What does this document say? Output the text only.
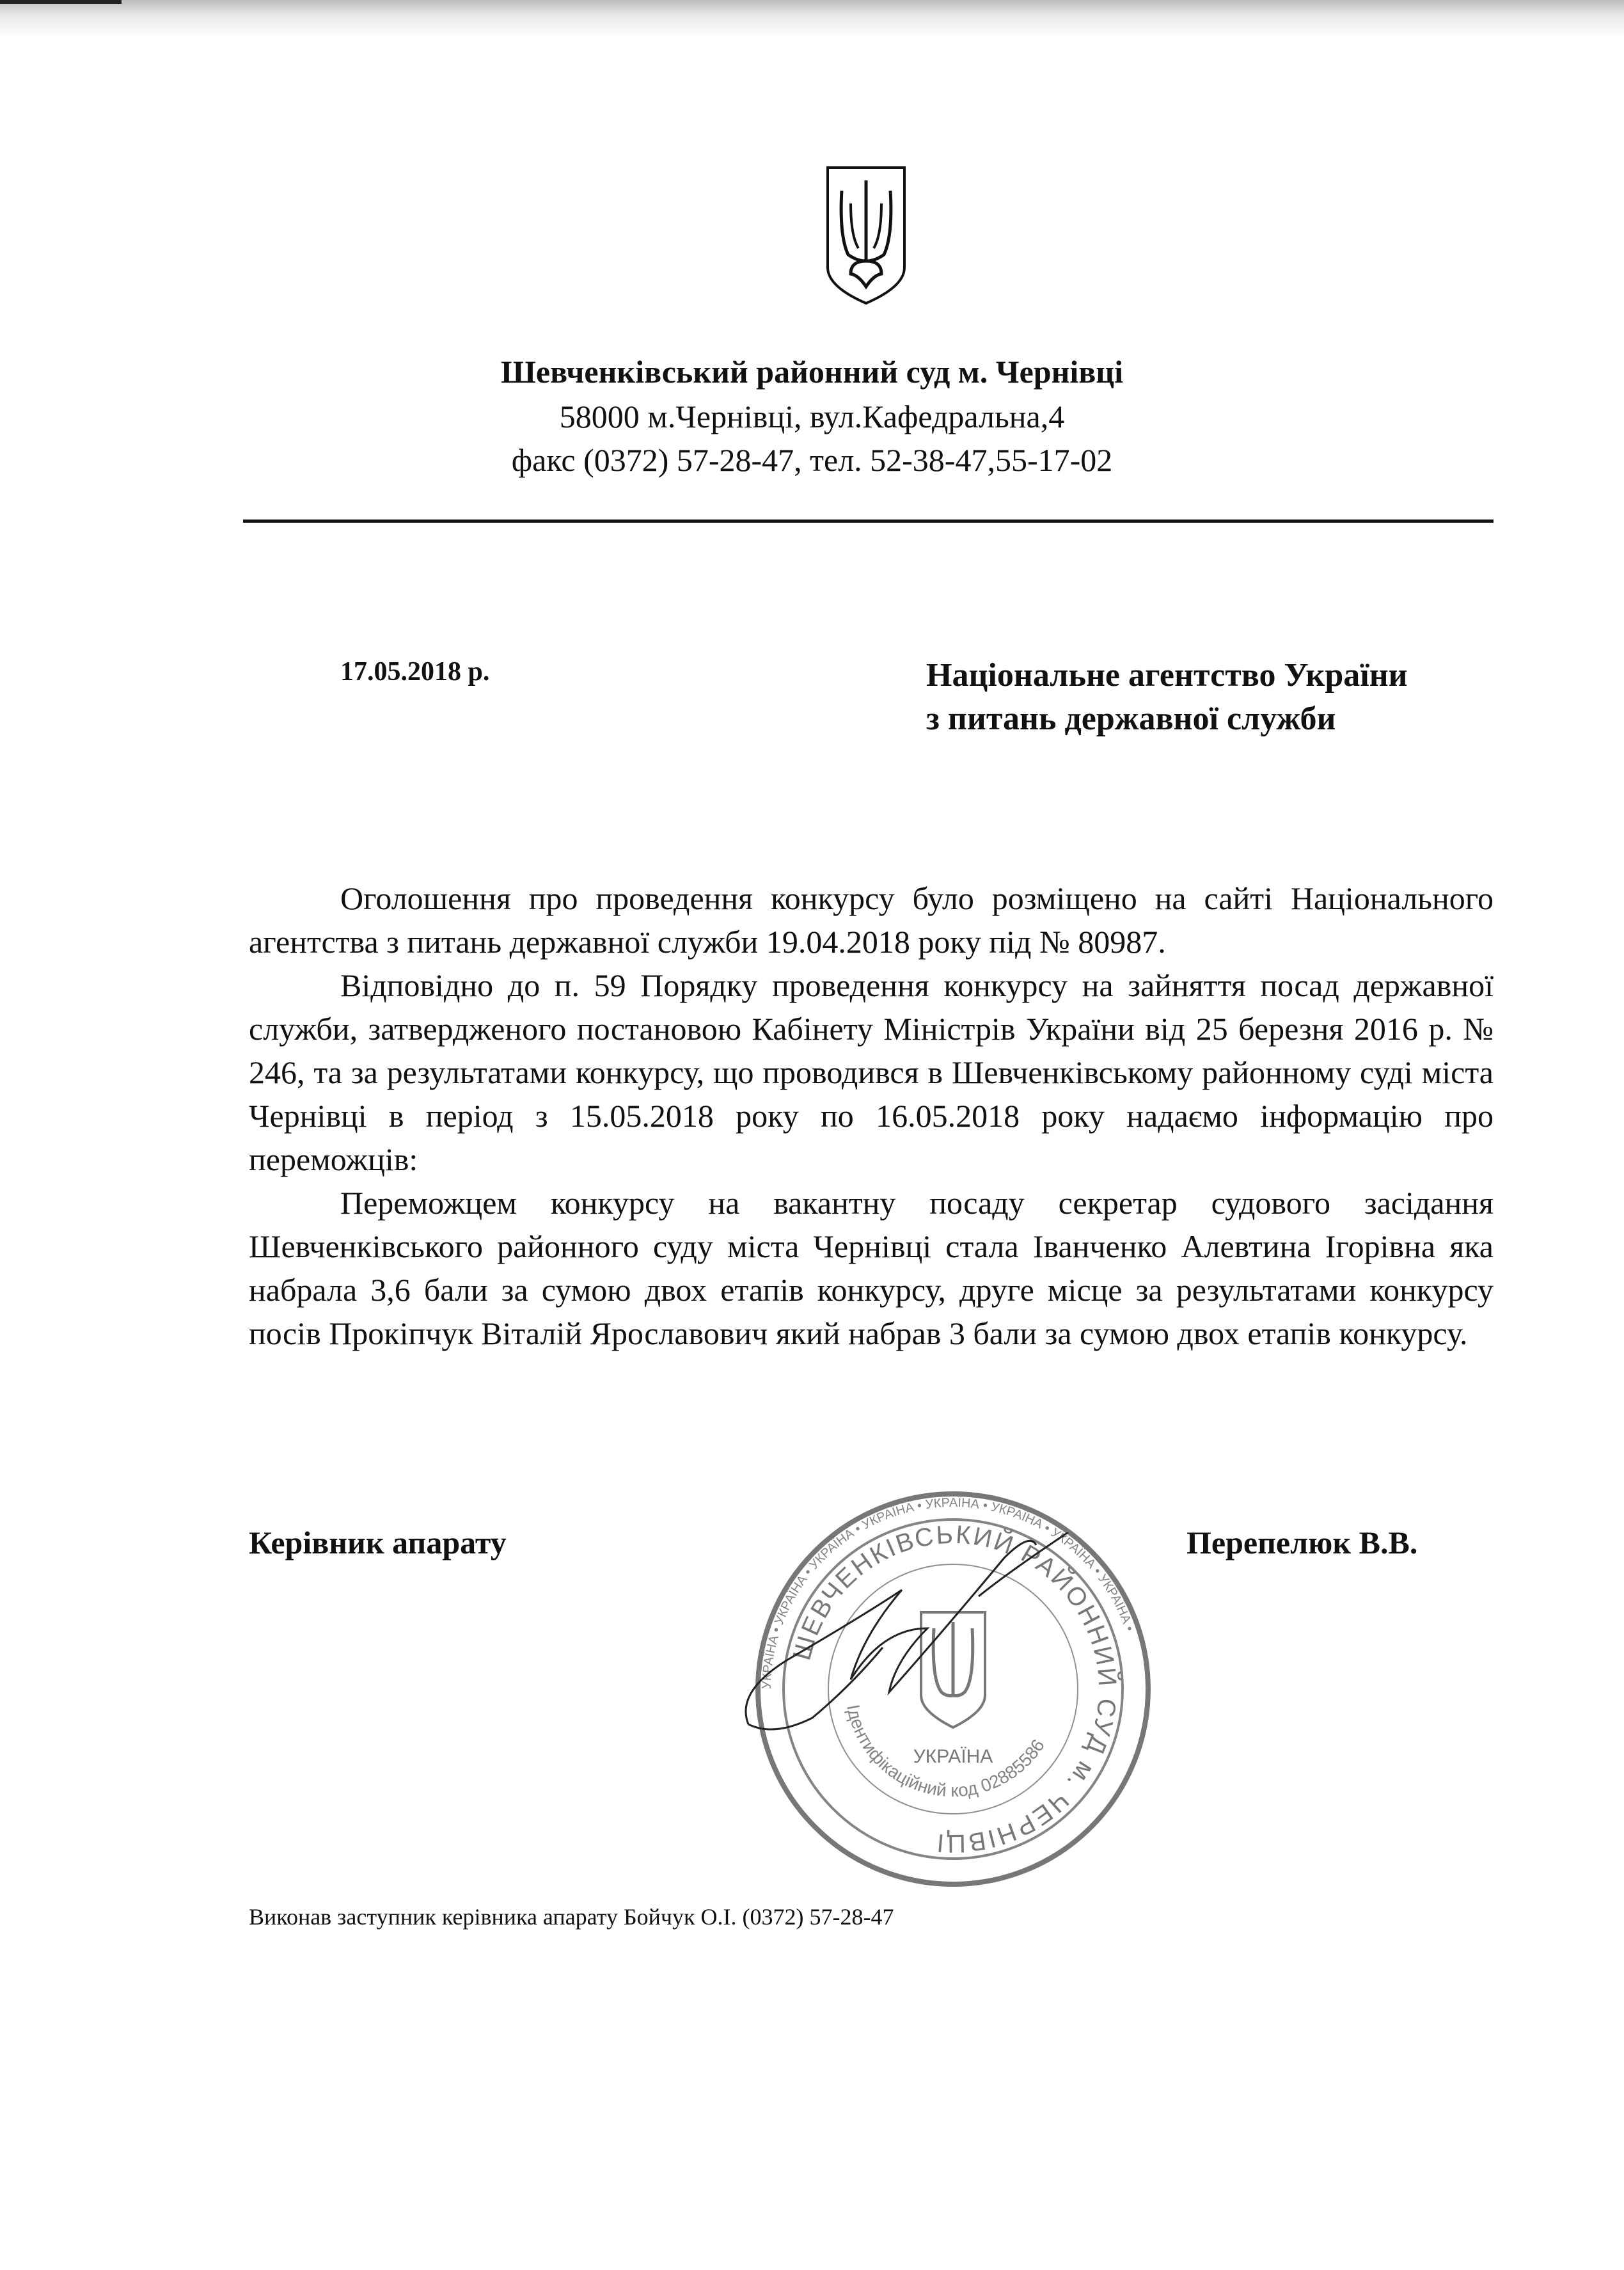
Шевченківський районний суд м. Чернівці
58000 м.Чернівці, вул.Кафедральна,4
факс (0372) 57-28-47, тел. 52-38-47,55-17-02
17.05.2018 р.	Національне агентство України
з питань державної служби

Оголошення про проведення конкурсу було розміщено на сайті Національного агентства з питань державної служби 19.04.2018 року під № 80987.

Відповідно до п. 59 Порядку проведення конкурсу на зайняття посад державної служби, затвердженого постановою Кабінету Міністрів України від 25 березня 2016 р. № 246, та за результатами конкурсу, що проводився в Шевченківському районному суді міста Чернівці в період з 15.05.2018 року по 16.05.2018 року надаємо інформацію про переможців:

Переможцем конкурсу на вакантну посаду секретар судового засідання Шевченківського районного суду міста Чернівці стала Іванченко Алевтина Ігорівна яка набрала 3,6 бали за сумою двох етапів конкурсу, друге місце за результатами конкурсу посів Прокіпчук Віталій Ярославович який набрав 3 бали за сумою двох етапів конкурсу.

Керівник апарату	Перепелюк В.В.
УКРАЇНА • УКРАЇНА • УКРАЇНА • УКРАЇНА • УКРАЇНА • УКРАЇНА • УКРАЇНА • УКРАЇНА •
ШЕВЧЕНКІВСЬКИЙ РАЙОННИЙ СУД м. ЧЕРНІВЦІ
Ідентифікаційний код 02885586
УКРАЇНА
Виконав заступник керівника апарату Бойчук О.І. (0372) 57-28-47
